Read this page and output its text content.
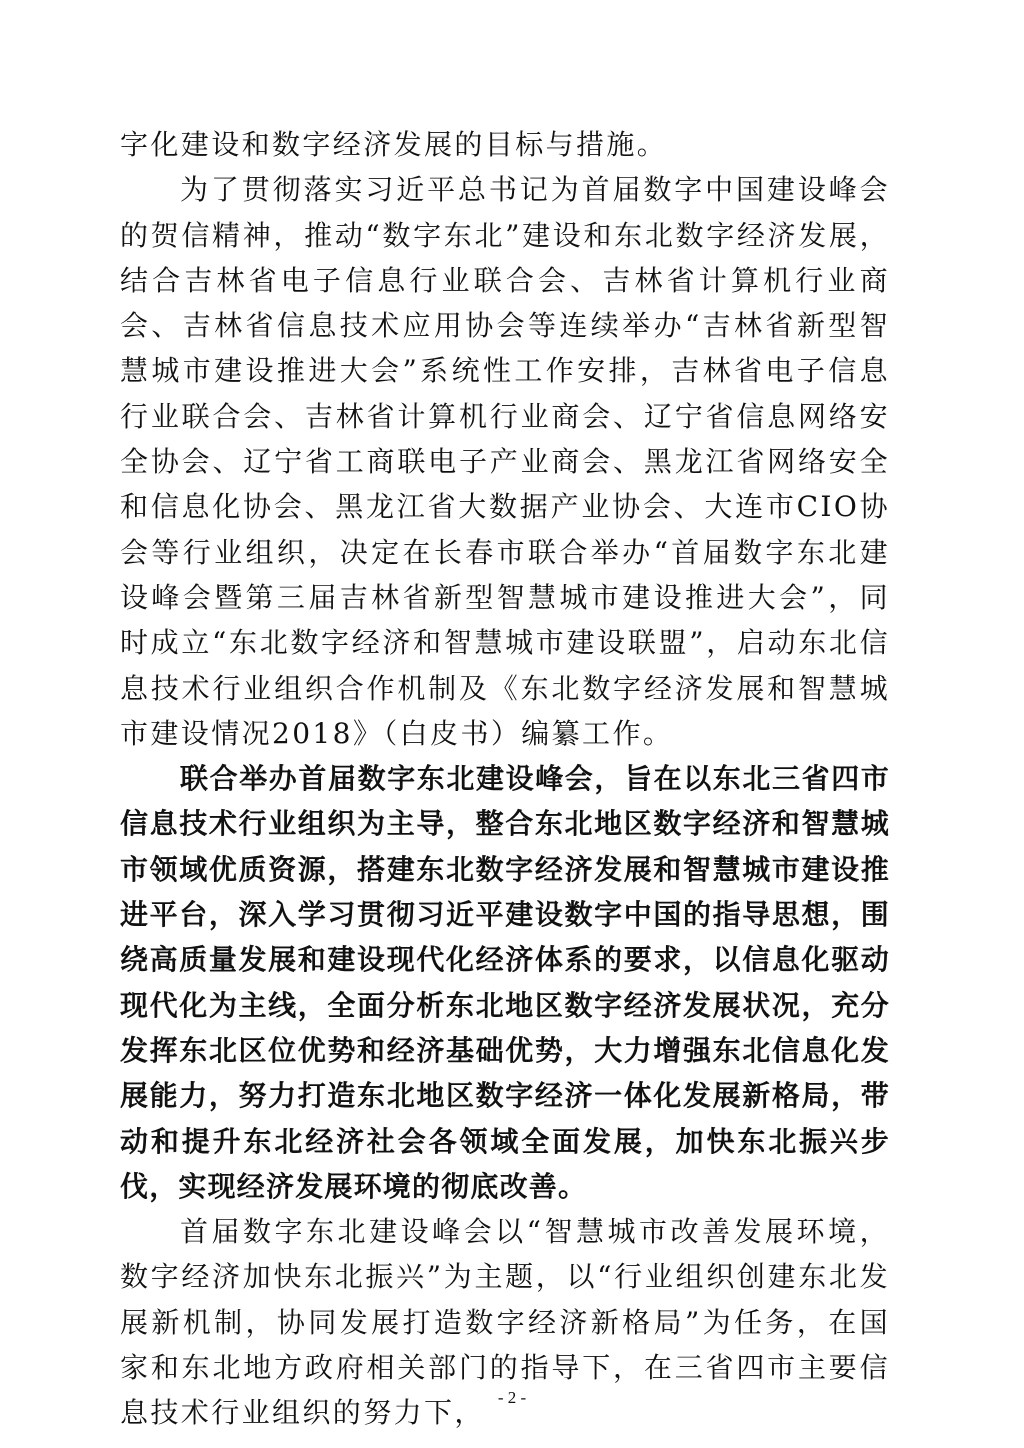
字化建设和数字经济发展的目标与措施。

为了贯彻落实习近平总书记为首届数字中国建设峰会的贺信精神，推动“数字东北”建设和东北数字经济发展，结合吉林省电子信息行业联合会、吉林省计算机行业商会、吉林省信息技术应用协会等连续举办“吉林省新型智慧城市建设推进大会”系统性工作安排，吉林省电子信息行业联合会、吉林省计算机行业商会、辽宁省信息网络安全协会、辽宁省工商联电子产业商会、黑龙江省网络安全和信息化协会、黑龙江省大数据产业协会、大连市CIO协会等行业组织，决定在长春市联合举办“首届数字东北建设峰会暨第三届吉林省新型智慧城市建设推进大会”，同时成立“东北数字经济和智慧城市建设联盟”，启动东北信息技术行业组织合作机制及《东北数字经济发展和智慧城市建设情况2018》（白皮书）编纂工作。

联合举办首届数字东北建设峰会，旨在以东北三省四市信息技术行业组织为主导，整合东北地区数字经济和智慧城市领域优质资源，搭建东北数字经济发展和智慧城市建设推进平台，深入学习贯彻习近平建设数字中国的指导思想，围绕高质量发展和建设现代化经济体系的要求，以信息化驱动现代化为主线，全面分析东北地区数字经济发展状况，充分发挥东北区位优势和经济基础优势，大力增强东北信息化发展能力，努力打造东北地区数字经济一体化发展新格局，带动和提升东北经济社会各领域全面发展，加快东北振兴步伐，实现经济发展环境的彻底改善。

首届数字东北建设峰会以“智慧城市改善发展环境，数字经济加快东北振兴”为主题，以“行业组织创建东北发展新机制，协同发展打造数字经济新格局”为任务，在国家和东北地方政府相关部门的指导下，在三省四市主要信息技术行业组织的努力下， - 2 -
